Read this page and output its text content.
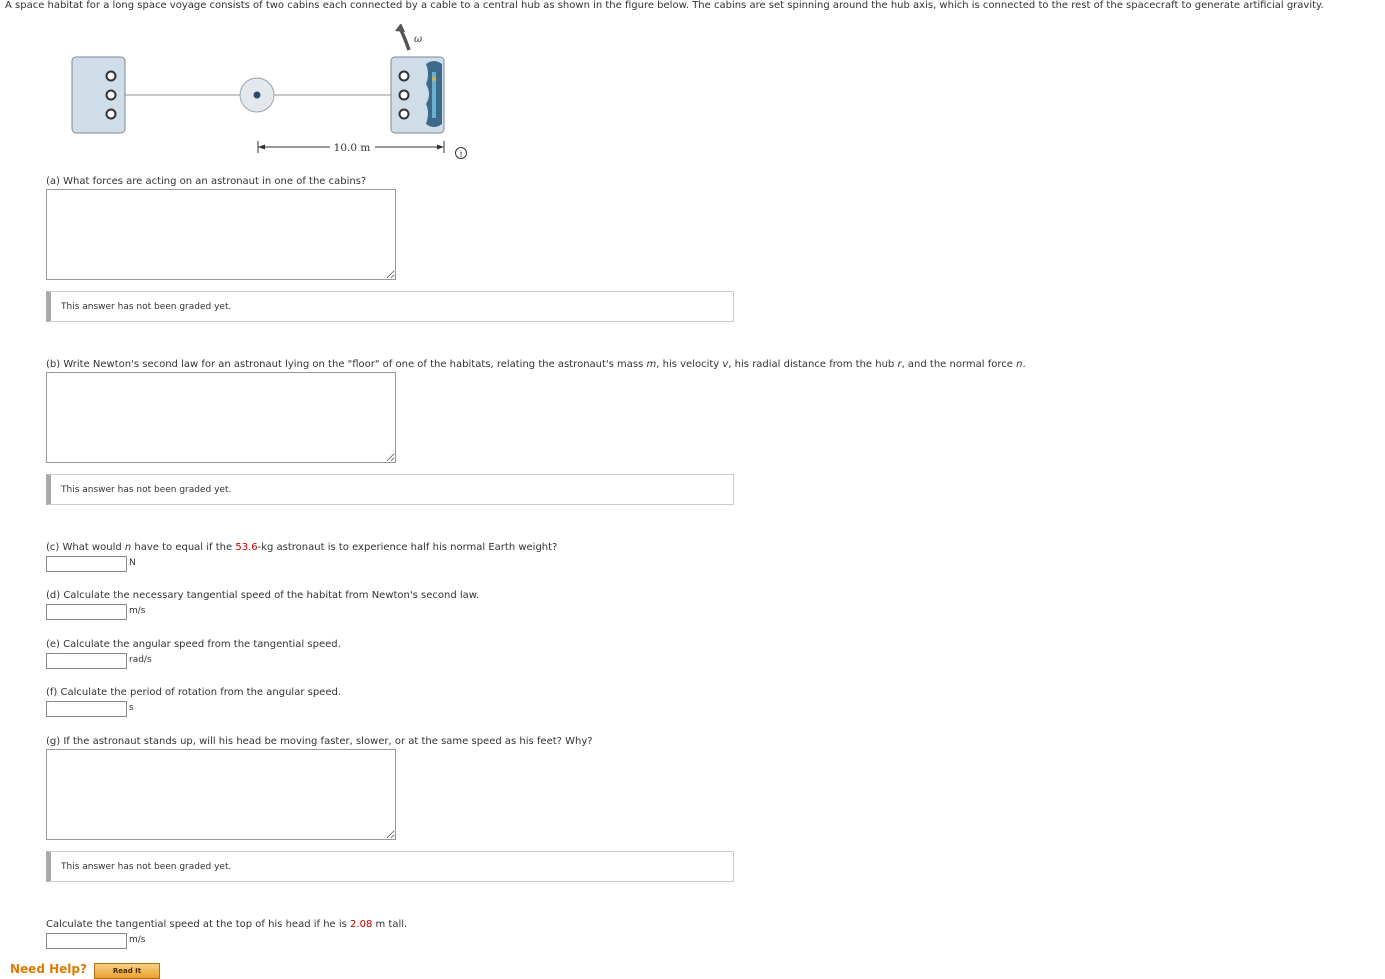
A space habitat for a long space voyage consists of two cabins each connected by a cable to a central hub as shown in the figure below. The cabins are set spinning around the hub axis, which is connected to the rest of the spacecraft to generate artificial gravity.
ω
10.0 m	i
(a) What forces are acting on an astronaut in one of the cabins?
This answer has not been graded yet.
(b) Write Newton's second law for an astronaut lying on the "floor" of one of the habitats, relating the astronaut's mass m, his velocity v, his radial distance from the hub r, and the normal force n.
This answer has not been graded yet.
(c) What would n have to equal if the 53.6-kg astronaut is to experience half his normal Earth weight?
N
(d) Calculate the necessary tangential speed of the habitat from Newton's second law.
m/s
(e) Calculate the angular speed from the tangential speed.
rad/s
(f) Calculate the period of rotation from the angular speed.
s
(g) If the astronaut stands up, will his head be moving faster, slower, or at the same speed as his feet? Why?
This answer has not been graded yet.
Calculate the tangential speed at the top of his head if he is 2.08 m tall.
m/s
Need Help?	Read It
